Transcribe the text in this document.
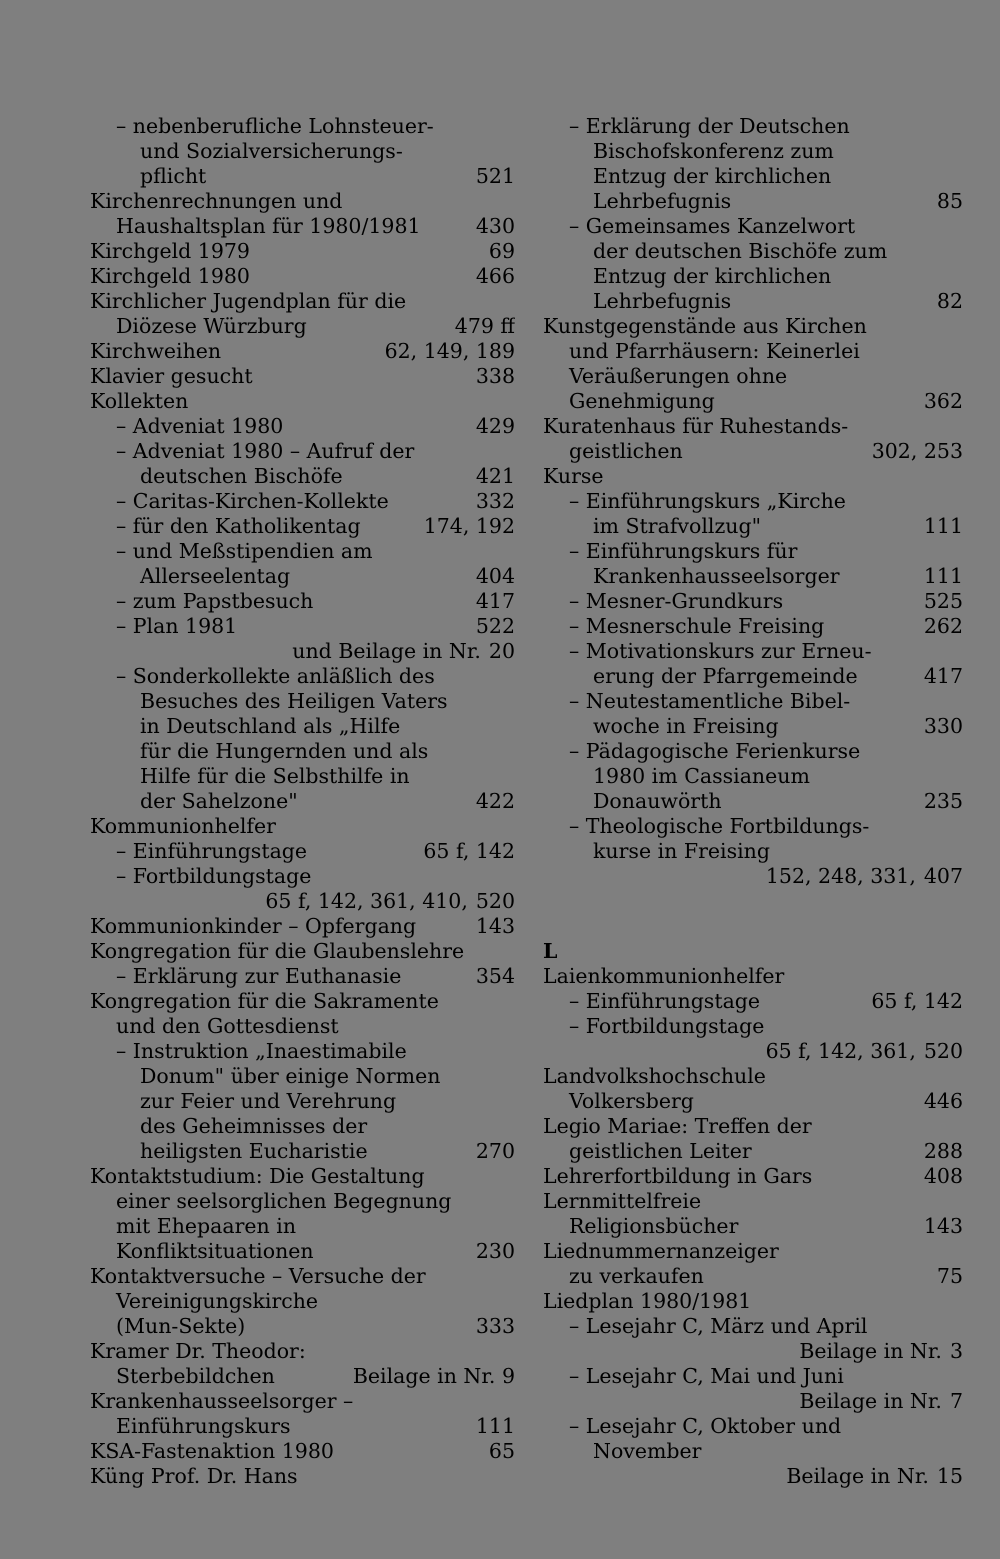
– nebenberufliche Lohnsteuer-
und Sozialversicherungs-
pflicht	521
Kirchenrechnungen und
Haushaltsplan für 1980/1981	430
Kirchgeld 1979	69
Kirchgeld 1980	466
Kirchlicher Jugendplan für die
Diözese Würzburg	479 ff
Kirchweihen	62, 149, 189
Klavier gesucht	338
Kollekten
– Adveniat 1980	429
– Adveniat 1980 – Aufruf der
deutschen Bischöfe	421
– Caritas-Kirchen-Kollekte	332
– für den Katholikentag	174, 192
– und Meßstipendien am
Allerseelentag	404
– zum Papstbesuch	417
– Plan 1981	522
und Beilage in Nr. 20
– Sonderkollekte anläßlich des
Besuches des Heiligen Vaters
in Deutschland als „Hilfe
für die Hungernden und als
Hilfe für die Selbsthilfe in
der Sahelzone"	422
Kommunionhelfer
– Einführungstage	65 f, 142
– Fortbildungstage
65 f, 142, 361, 410, 520
Kommunionkinder – Opfergang	143
Kongregation für die Glaubenslehre
– Erklärung zur Euthanasie	354
Kongregation für die Sakramente
und den Gottesdienst
– Instruktion „Inaestimabile
Donum" über einige Normen
zur Feier und Verehrung
des Geheimnisses der
heiligsten Eucharistie	270
Kontaktstudium: Die Gestaltung
einer seelsorglichen Begegnung
mit Ehepaaren in
Konfliktsituationen	230
Kontaktversuche – Versuche der
Vereinigungskirche
(Mun-Sekte)	333
Kramer Dr. Theodor:
Sterbebildchen	Beilage in Nr. 9
Krankenhausseelsorger –
Einführungskurs	111
KSA-Fastenaktion 1980	65
Küng Prof. Dr. Hans
– Erklärung der Deutschen
Bischofskonferenz zum
Entzug der kirchlichen
Lehrbefugnis	85
– Gemeinsames Kanzelwort
der deutschen Bischöfe zum
Entzug der kirchlichen
Lehrbefugnis	82
Kunstgegenstände aus Kirchen
und Pfarrhäusern: Keinerlei
Veräußerungen ohne
Genehmigung	362
Kuratenhaus für Ruhestands-
geistlichen	302, 253
Kurse
– Einführungskurs „Kirche
im Strafvollzug"	111
– Einführungskurs für
Krankenhausseelsorger	111
– Mesner-Grundkurs	525
– Mesnerschule Freising	262
– Motivationskurs zur Erneu-
erung der Pfarrgemeinde	417
– Neutestamentliche Bibel-
woche in Freising	330
– Pädagogische Ferienkurse
1980 im Cassianeum
Donauwörth	235
– Theologische Fortbildungs-
kurse in Freising
152, 248, 331, 407
L
Laienkommunionhelfer
– Einführungstage	65 f, 142
– Fortbildungstage
65 f, 142, 361, 520
Landvolkshochschule
Volkersberg	446
Legio Mariae: Treffen der
geistlichen Leiter	288
Lehrerfortbildung in Gars	408
Lernmittelfreie
Religionsbücher	143
Liednummernanzeiger
zu verkaufen	75
Liedplan 1980/1981
– Lesejahr C, März und April
Beilage in Nr. 3
– Lesejahr C, Mai und Juni
Beilage in Nr. 7
– Lesejahr C, Oktober und
November
Beilage in Nr. 15
